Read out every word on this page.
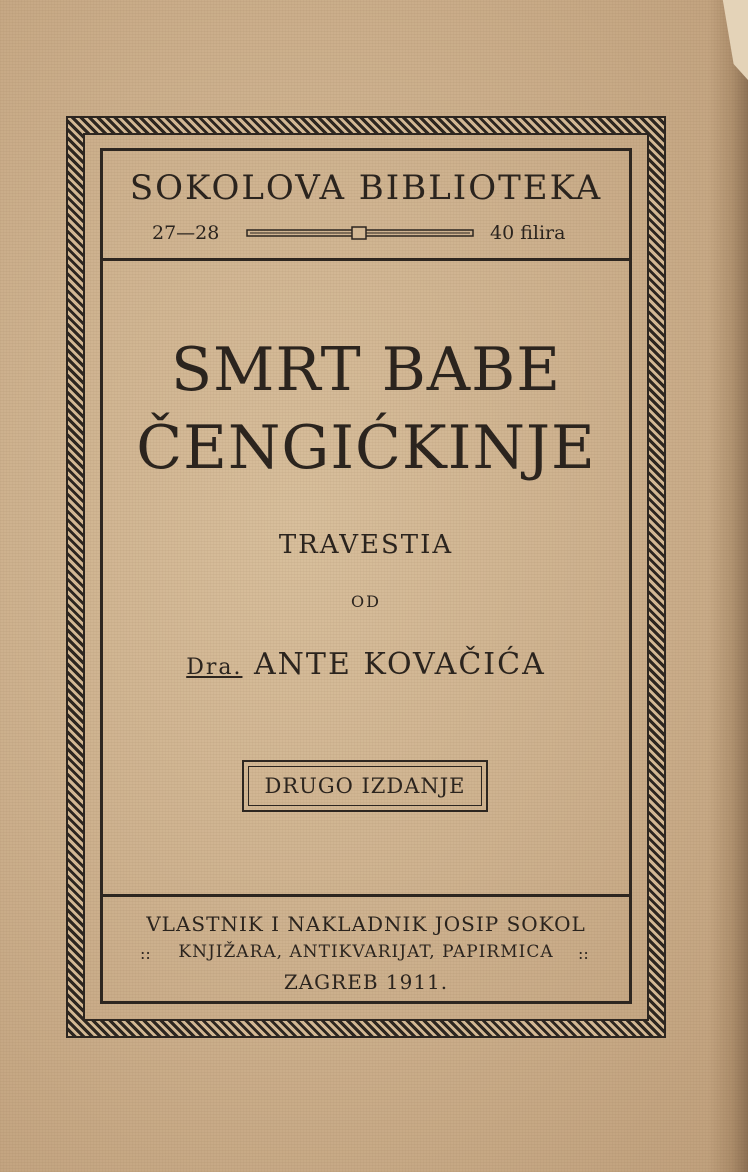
SOKOLOVA BIBLIOTEKA
27—28	40 filira
SMRT BABE
ČENGIĆKINJE
TRAVESTIA
OD
Dra. ANTE KOVAČIĆA
DRUGO IZDANJE
VLASTNIK I NAKLADNIK JOSIP SOKOL
KNJIŽARA, ANTIKVARIJAT, PAPIRMICA
::	::
ZAGREB 1911.
